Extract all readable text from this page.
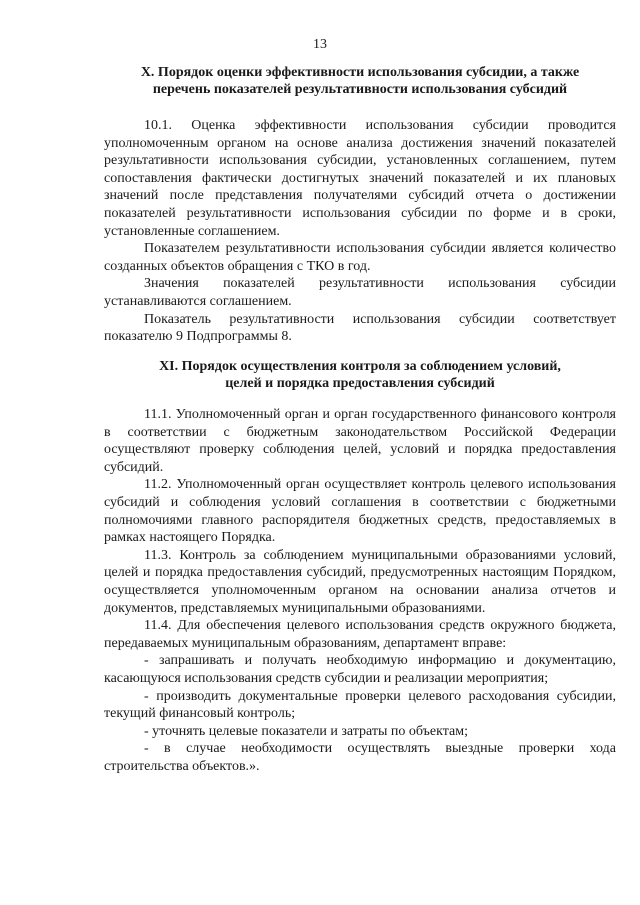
13
X. Порядок оценки эффективности использования субсидии, а также
перечень показателей результативности использования субсидий

10.1. Оценка эффективности использования субсидии проводится уполномоченным органом на основе анализа достижения значений показателей результативности использования субсидии, установленных соглашением, путем сопоставления фактически достигнутых значений показателей и их плановых значений после представления получателями субсидий отчета о достижении показателей результативности использования субсидии по форме и в сроки, установленные соглашением.

Показателем результативности использования субсидии является количество созданных объектов обращения с ТКО в год.

Значения показателей результативности использования субсидии устанавливаются соглашением.

Показатель результативности использования субсидии соответствует показателю 9 Подпрограммы 8.

XI. Порядок осуществления контроля за соблюдением условий,
целей и порядка предоставления субсидий

11.1. Уполномоченный орган и орган государственного финансового контроля в соответствии с бюджетным законодательством Российской Федерации осуществляют проверку соблюдения целей, условий и порядка предоставления субсидий.

11.2. Уполномоченный орган осуществляет контроль целевого использования субсидий и соблюдения условий соглашения в соответствии с бюджетными полномочиями главного распорядителя бюджетных средств, предоставляемых в рамках настоящего Порядка.

11.3. Контроль за соблюдением муниципальными образованиями условий, целей и порядка предоставления субсидий, предусмотренных настоящим Порядком, осуществляется уполномоченным органом на основании анализа отчетов и документов, представляемых муниципальными образованиями.

11.4. Для обеспечения целевого использования средств окружного бюджета, передаваемых муниципальным образованиям, департамент вправе:

- запрашивать и получать необходимую информацию и документацию, касающуюся использования средств субсидии и реализации мероприятия;

- производить документальные проверки целевого расходования субсидии, текущий финансовый контроль;

- уточнять целевые показатели и затраты по объектам;

- в случае необходимости осуществлять выездные проверки хода строительства объектов.».
